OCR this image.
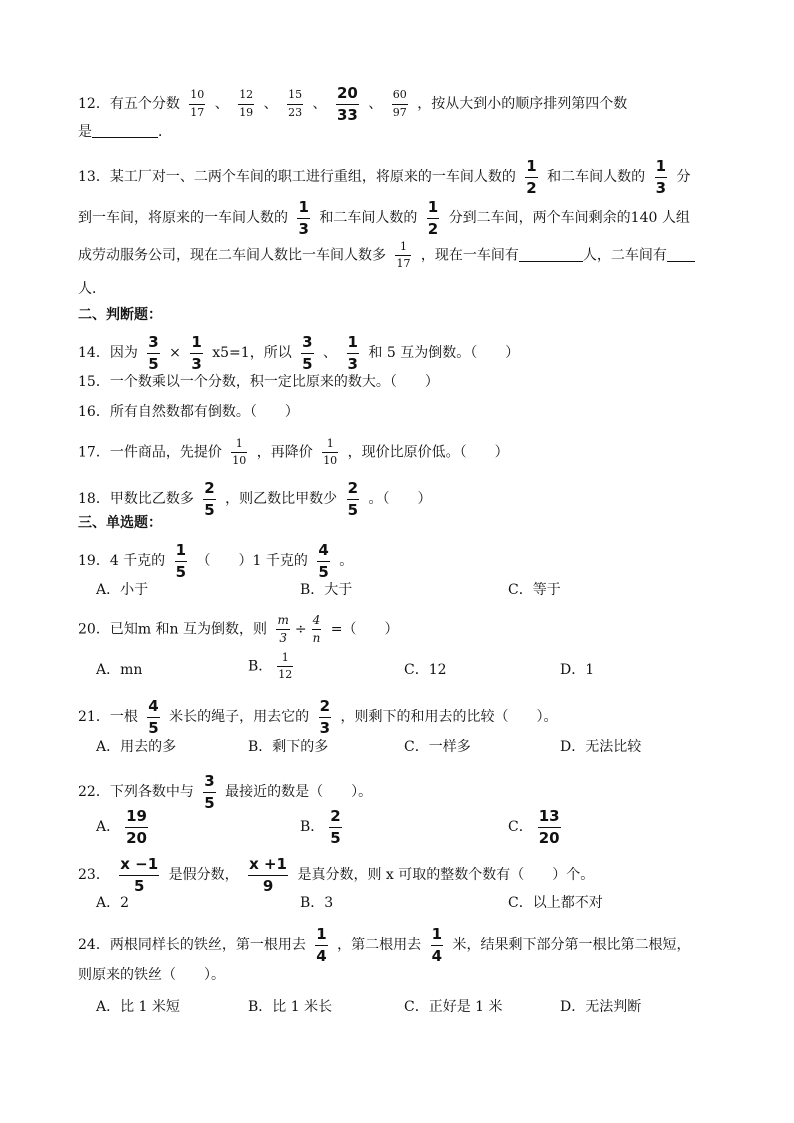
12．有五个分数 $\frac{10}{17}$ 、 $\frac{12}{19}$ 、 $\frac{15}{23}$ 、 $\frac{20}{33}$ 、 $\frac{60}{97}$ ，按从大到小的顺序排列第四个数
是	．
13．某工厂对一、二两个车间的职工进行重组，将原来的一车间人数的 $\frac{1}{2}$ 和二车间人数的 $\frac{1}{3}$ 分
到一车间，将原来的一车间人数的 $\frac{1}{3}$ 和二车间人数的 $\frac{1}{2}$ 分到二车间，两个车间剩余的140 人组
成劳动服务公司，现在二车间人数比一车间人数多 $\frac{1}{17}$ ，现在一车间有	人，二车间有
人．
二、判断题：
14．因为 $\frac{3}{5} \times \frac{1}{3} x5=1$，所以 $\frac{3}{5}$ 、 $\frac{1}{3}$ 和 5 互为倒数。（　　）
15．一个数乘以一个分数，积一定比原来的数大。（　　）
16．所有自然数都有倒数。（　　）
17．一件商品，先提价 $\frac{1}{10}$ ，再降价 $\frac{1}{10}$ ，现价比原价低。（　　）
18．甲数比乙数多 $\frac{2}{5}$ ，则乙数比甲数少 $\frac{2}{5}$ 。（　　）
三、单选题：
19．4 千克的 $\frac{1}{5}$ （　　）1 千克的 $\frac{4}{5}$ 。
A．小于	B．大于	C．等于
20．已知m 和n 互为倒数，则 $\frac{m}{3} \div \frac{4}{n}$ =（　　）
A．mn	B． $\frac{1}{12}$	C．12	D．1
21．一根 $\frac{4}{5}$ 米长的绳子，用去它的 $\frac{2}{3}$ ，则剩下的和用去的比较（　　）。
A．用去的多	B．剩下的多	C．一样多	D．无法比较
22．下列各数中与 $\frac{3}{5}$ 最接近的数是（　　）。
A． $\frac{19}{20}$	B． $\frac{2}{5}$	C． $\frac{13}{20}$
23． $\frac{x -1}{5}$ 是假分数， $\frac{x +1}{9}$ 是真分数，则 x 可取的整数个数有（　　）个。
A．2	B．3	C．以上都不对
24．两根同样长的铁丝，第一根用去 $\frac{1}{4}$ ，第二根用去 $\frac{1}{4}$ 米，结果剩下部分第一根比第二根短，
则原来的铁丝（　　）。
A．比 1 米短	B．比 1 米长	C．正好是 1 米	D．无法判断
